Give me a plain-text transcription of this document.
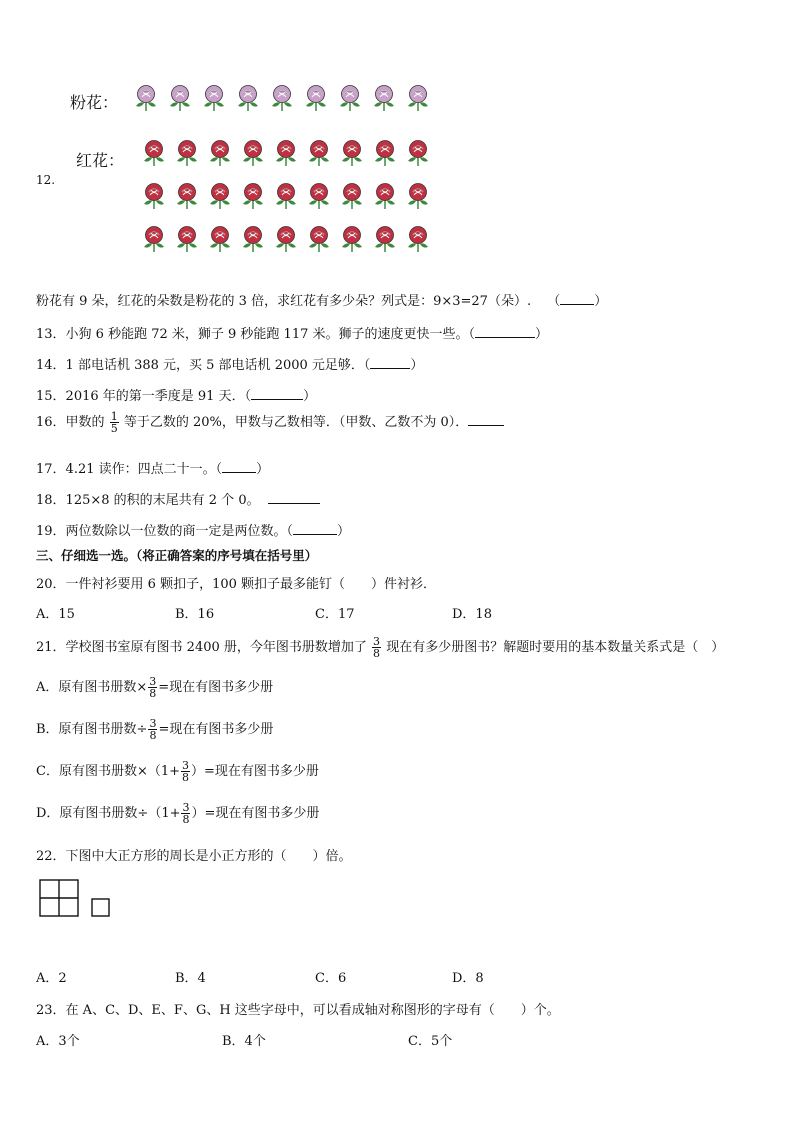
粉花：
红花：
12.
粉花有 9 朵，红花的朵数是粉花的 3 倍，求红花有多少朵？列式是：9×3=27（朵）. （	）
13．小狗 6 秒能跑 72 米，狮子 9 秒能跑 117 米。狮子的速度更快一些。（	）
14．1 部电话机 388 元，买 5 部电话机 2000 元足够．（	）
15．2016 年的第一季度是 91 天．（	）
16．甲数的 $\frac{1}{5}$ 等于乙数的 20%，甲数与乙数相等．（甲数、乙数不为 0）．
17．4.21 读作：四点二十一。（	）
18．125×8 的积的末尾共有 2 个 0。
19．两位数除以一位数的商一定是两位数。（	）
三、仔细选一选。（将正确答案的序号填在括号里）
20．一件衬衫要用 6 颗扣子，100 颗扣子最多能钉（　　）件衬衫．
A．15	B．16	C．17	D．18
21．学校图书室原有图书 2400 册，今年图书册数增加了 $\frac{3}{8}$ 现在有多少册图书？解题时要用的基本数量关系式是（　）
A．原有图书册数× $\frac{3}{8}$ =现在有图书多少册
B．原有图书册数÷ $\frac{3}{8}$ =现在有图书多少册
C．原有图书册数$\times(1+ \frac{3}{8}$ ）=现在有图书多少册
D．原有图书册数$\div(1+ \frac{3}{8}$ ）=现在有图书多少册
22．下图中大正方形的周长是小正方形的（　　）倍。
A．2	B．4	C．6	D．8
23．在 A、C、D、E、F、G、H 这些字母中，可以看成轴对称图形的字母有（　　）个。
A．3个	B．4个	C．5个
